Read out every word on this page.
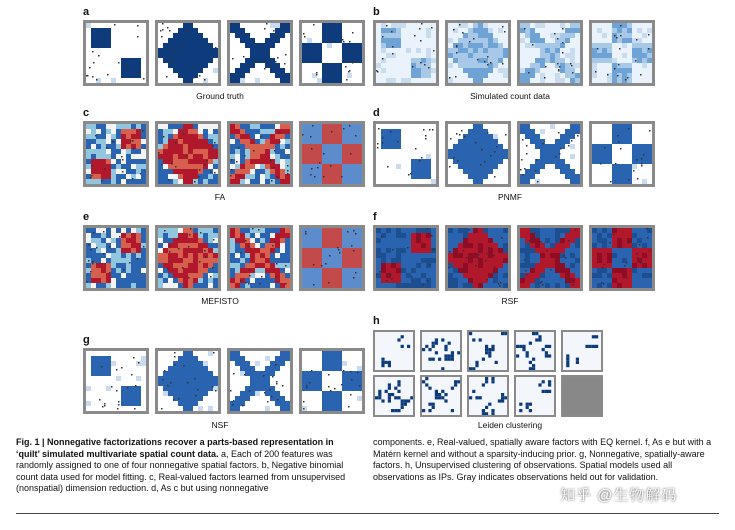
a	b
c	d
e	f
g
h
Ground truth	Simulated count data
FA	PNMF
MEFISTO	RSF
NSF	Leiden clustering
Fig. 1 | Nonnegative factorizations recover a parts-based representation in ‘quilt’ simulated multivariate spatial count data. a, Each of 200 features was randomly assigned to one of four nonnegative spatial factors. b, Negative binomial count data used for model fitting. c, Real-valued factors learned from unsupervised (nonspatial) dimension reduction. d, As c but using nonnegative
components. e, Real-valued, spatially aware factors with EQ kernel. f, As e but with a Matérn kernel and without a sparsity-inducing prior. g, Nonnegative, spatially-aware factors. h, Unsupervised clustering of observations. Spatial models used all observations as IPs. Gray indicates observations held out for validation.
知乎 @生物解码
